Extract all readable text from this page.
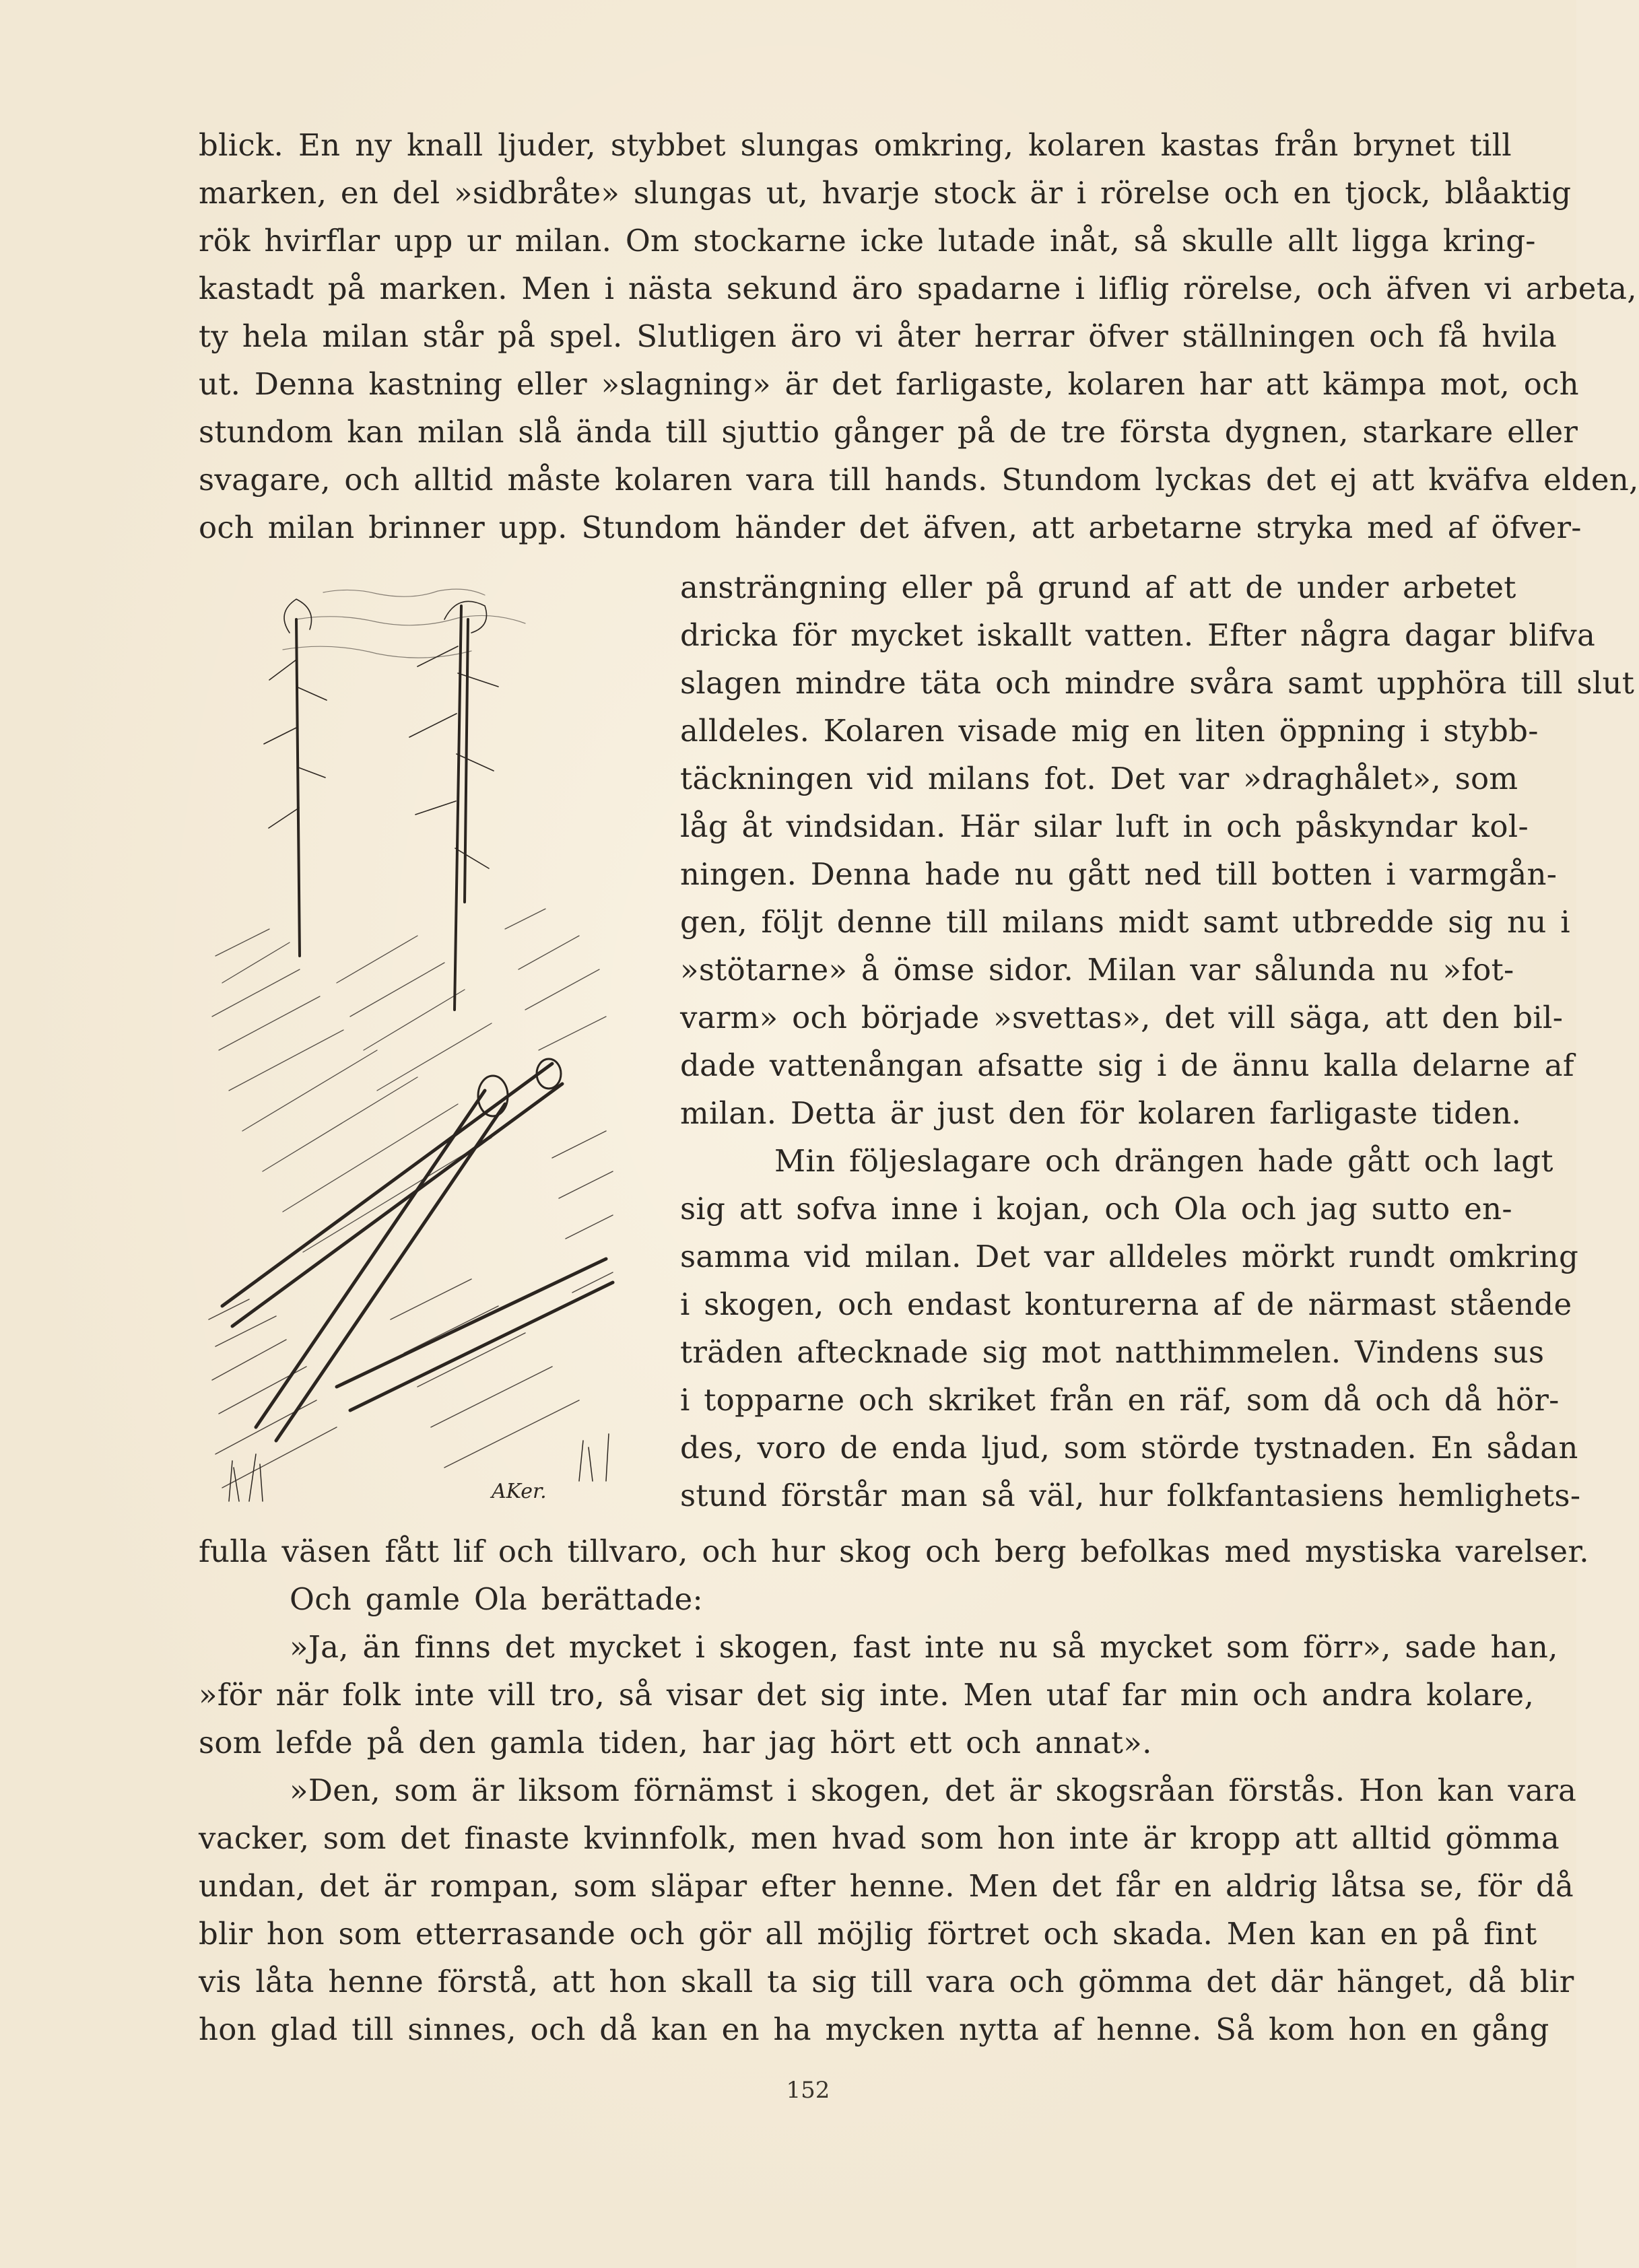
blick. En ny knall ljuder, stybbet slungas omkring, kolaren kastas från brynet till
marken, en del »sidbråte» slungas ut, hvarje stock är i rörelse och en tjock, blåaktig
rök hvirflar upp ur milan. Om stockarne icke lutade inåt, så skulle allt ligga kring-
kastadt på marken. Men i nästa sekund äro spadarne i liflig rörelse, och äfven vi arbeta,
ty hela milan står på spel. Slutligen äro vi åter herrar öfver ställningen och få hvila
ut. Denna kastning eller »slagning» är det farligaste, kolaren har att kämpa mot, och
stundom kan milan slå ända till sjuttio gånger på de tre första dygnen, starkare eller
svagare, och alltid måste kolaren vara till hands. Stundom lyckas det ej att kväfva elden,
och milan brinner upp. Stundom händer det äfven, att arbetarne stryka med af öfver-
AKer.
ansträngning eller på grund af att de under arbetet
dricka för mycket iskallt vatten. Efter några dagar blifva
slagen mindre täta och mindre svåra samt upphöra till slut
alldeles. Kolaren visade mig en liten öppning i stybb-
täckningen vid milans fot. Det var »draghålet», som
låg åt vindsidan. Här silar luft in och påskyndar kol-
ningen. Denna hade nu gått ned till botten i varmgån-
gen, följt denne till milans midt samt utbredde sig nu i
»stötarne» å ömse sidor. Milan var sålunda nu »fot-
varm» och började »svettas», det vill säga, att den bil-
dade vattenångan afsatte sig i de ännu kalla delarne af
milan. Detta är just den för kolaren farligaste tiden.
Min följeslagare och drängen hade gått och lagt
sig att sofva inne i kojan, och Ola och jag sutto en-
samma vid milan. Det var alldeles mörkt rundt omkring
i skogen, och endast konturerna af de närmast stående
träden aftecknade sig mot natthimmelen. Vindens sus
i topparne och skriket från en räf, som då och då hör-
des, voro de enda ljud, som störde tystnaden. En sådan
stund förstår man så väl, hur folkfantasiens hemlighets-
fulla väsen fått lif och tillvaro, och hur skog och berg befolkas med mystiska varelser.
Och gamle Ola berättade:
»Ja, än finns det mycket i skogen, fast inte nu så mycket som förr», sade han,
»för när folk inte vill tro, så visar det sig inte. Men utaf far min och andra kolare,
som lefde på den gamla tiden, har jag hört ett och annat».
»Den, som är liksom förnämst i skogen, det är skogsråan förstås. Hon kan vara
vacker, som det finaste kvinnfolk, men hvad som hon inte är kropp att alltid gömma
undan, det är rompan, som släpar efter henne. Men det får en aldrig låtsa se, för då
blir hon som etterrasande och gör all möjlig förtret och skada. Men kan en på fint
vis låta henne förstå, att hon skall ta sig till vara och gömma det där hänget, då blir
hon glad till sinnes, och då kan en ha mycken nytta af henne. Så kom hon en gång
152
